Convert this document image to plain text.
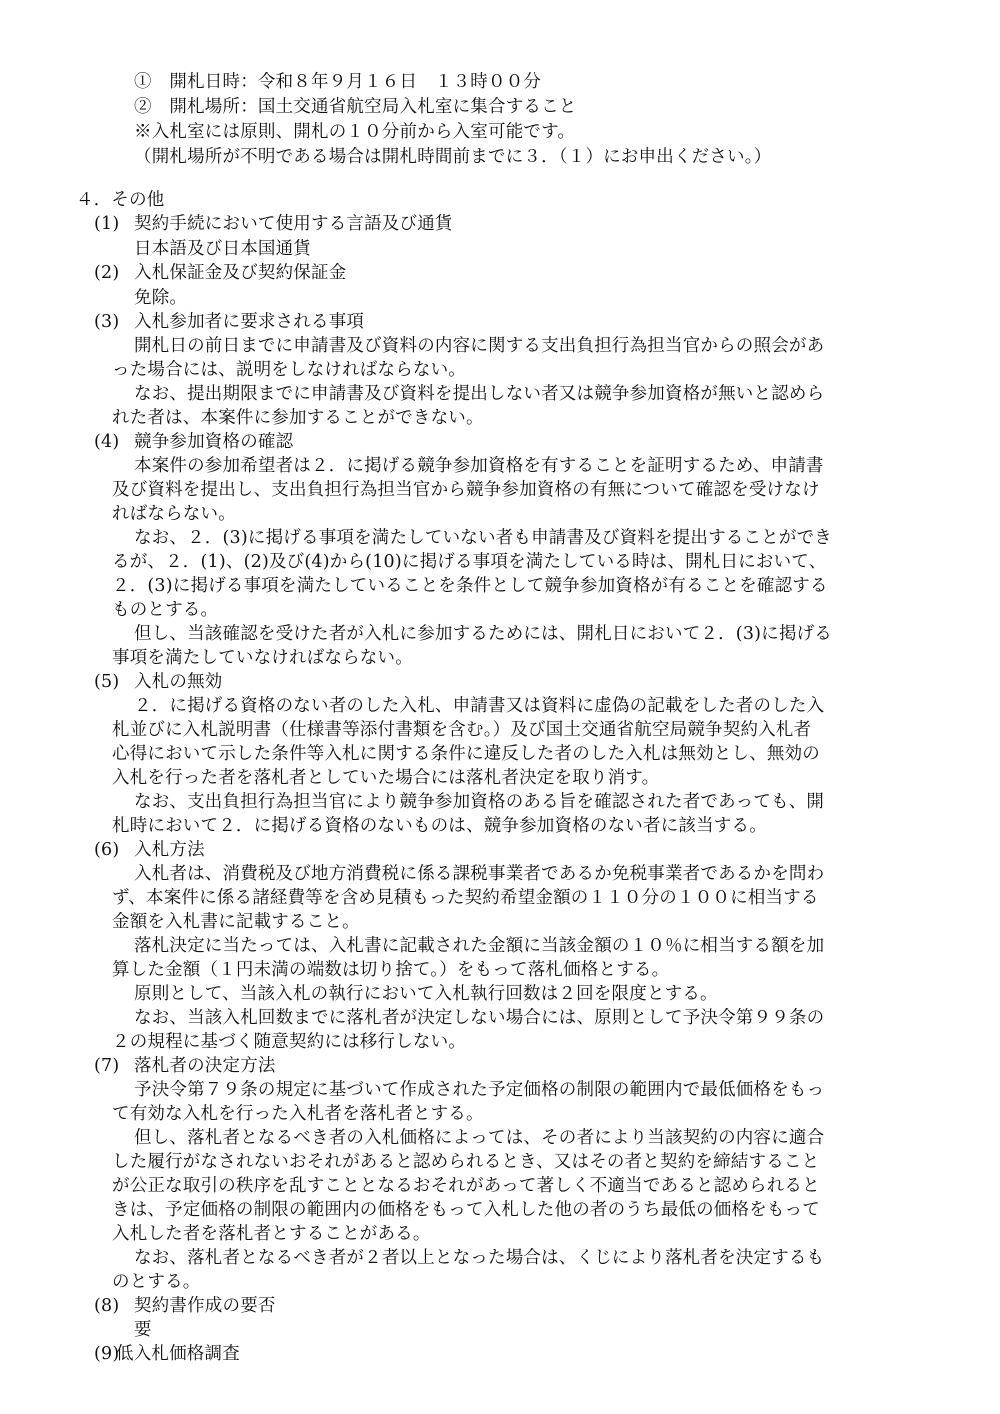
①　開札日時：令和８年９月１６日　１３時００分
②　開札場所：国土交通省航空局入札室に集合すること
※入札室には原則、開札の１０分前から入室可能です。
（開札場所が不明である場合は開札時間前までに３．（１）にお申出ください。）
４．その他
(1) 契約手続において使用する言語及び通貨
日本語及び日本国通貨
(2) 入札保証金及び契約保証金
免除。
(3) 入札参加者に要求される事項
開札日の前日までに申請書及び資料の内容に関する支出負担行為担当官からの照会があ
った場合には、説明をしなければならない。
なお、提出期限までに申請書及び資料を提出しない者又は競争参加資格が無いと認めら
れた者は、本案件に参加することができない。
(4) 競争参加資格の確認
本案件の参加希望者は２．に掲げる競争参加資格を有することを証明するため、申請書
及び資料を提出し、支出負担行為担当官から競争参加資格の有無について確認を受けなけ
ればならない。
なお、２．(3)に掲げる事項を満たしていない者も申請書及び資料を提出することができ
るが、２．(1)、(2)及び(4)から(10)に掲げる事項を満たしている時は、開札日において、
２．(3)に掲げる事項を満たしていることを条件として競争参加資格が有ることを確認する
ものとする。
但し、当該確認を受けた者が入札に参加するためには、開札日において２．(3)に掲げる
事項を満たしていなければならない。
(5) 入札の無効
２．に掲げる資格のない者のした入札、申請書又は資料に虚偽の記載をした者のした入
札並びに入札説明書（仕様書等添付書類を含む。）及び国土交通省航空局競争契約入札者
心得において示した条件等入札に関する条件に違反した者のした入札は無効とし、無効の
入札を行った者を落札者としていた場合には落札者決定を取り消す。
なお、支出負担行為担当官により競争参加資格のある旨を確認された者であっても、開
札時において２．に掲げる資格のないものは、競争参加資格のない者に該当する。
(6) 入札方法
入札者は、消費税及び地方消費税に係る課税事業者であるか免税事業者であるかを問わ
ず、本案件に係る諸経費等を含め見積もった契約希望金額の１１０分の１００に相当する
金額を入札書に記載すること。
落札決定に当たっては、入札書に記載された金額に当該金額の１０％に相当する額を加
算した金額（１円未満の端数は切り捨て。）をもって落札価格とする。
原則として、当該入札の執行において入札執行回数は２回を限度とする。
なお、当該入札回数までに落札者が決定しない場合には、原則として予決令第９９条の
２の規程に基づく随意契約には移行しない。
(7) 落札者の決定方法
予決令第７９条の規定に基づいて作成された予定価格の制限の範囲内で最低価格をもっ
て有効な入札を行った入札者を落札者とする。
但し、落札者となるべき者の入札価格によっては、その者により当該契約の内容に適合
した履行がなされないおそれがあると認められるとき、又はその者と契約を締結すること
が公正な取引の秩序を乱すこととなるおそれがあって著しく不適当であると認められると
きは、予定価格の制限の範囲内の価格をもって入札した他の者のうち最低の価格をもって
入札した者を落札者とすることがある。
なお、落札者となるべき者が２者以上となった場合は、くじにより落札者を決定するも
のとする。
(8) 契約書作成の要否
要
(9)
低入札価格調査
